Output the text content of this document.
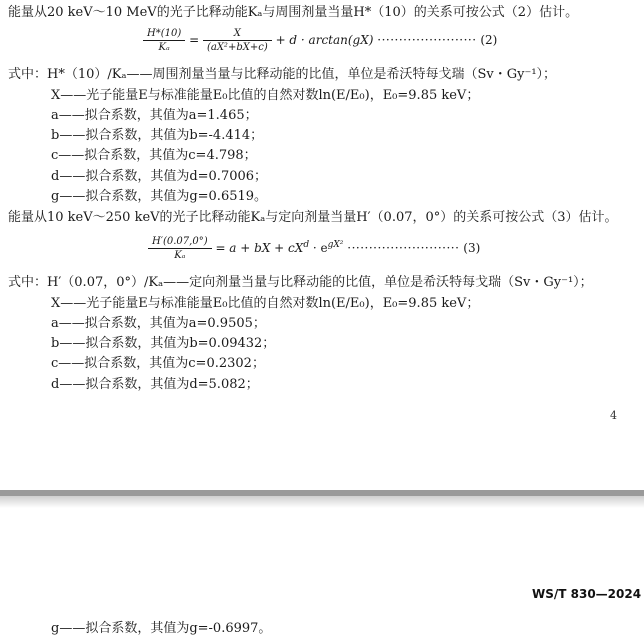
能量从20 keV～10 MeV的光子比释动能Kₐ与周围剂量当量H*（10）的关系可按公式（2）估计。
$\frac{H*(10)}{\text{Kₐ}} = \frac{X}{\text{(aX²+bX+c)}} + d \cdot \arctan(gX)$ ······················· (2)
式中：H*（10）/Kₐ——周围剂量当量与比释动能的比值，单位是希沃特每戈瑞（Sv・Gy⁻¹）；
X——光子能量E与标准能量E₀比值的自然对数ln(E/E₀)，E₀=9.85 keV；
a——拟合系数，其值为a=1.465；
b——拟合系数，其值为b=-4.414；
c——拟合系数，其值为c=4.798；
d——拟合系数，其值为d=0.7006；
g——拟合系数，其值为g=0.6519。
能量从10 keV～250 keV的光子比释动能Kₐ与定向剂量当量H′（0.07，0°）的关系可按公式（3）估计。
$\frac{H'(0.07,0^\circ)}{\text{Kₐ}} = a$ + bX + $cX^d \cdot e^{gX^2}$ ·························· (3)
式中：H′（0.07，0°）/Kₐ——定向剂量当量与比释动能的比值，单位是希沃特每戈瑞（Sv・Gy⁻¹）；
X——光子能量E与标准能量E₀比值的自然对数ln(E/E₀)，E₀=9.85 keV；
a——拟合系数，其值为a=0.9505；
b——拟合系数，其值为b=0.09432；
c——拟合系数，其值为c=0.2302；
d——拟合系数，其值为d=5.082；
4
WS/T 830—2024
g——拟合系数，其值为g=-0.6997。
